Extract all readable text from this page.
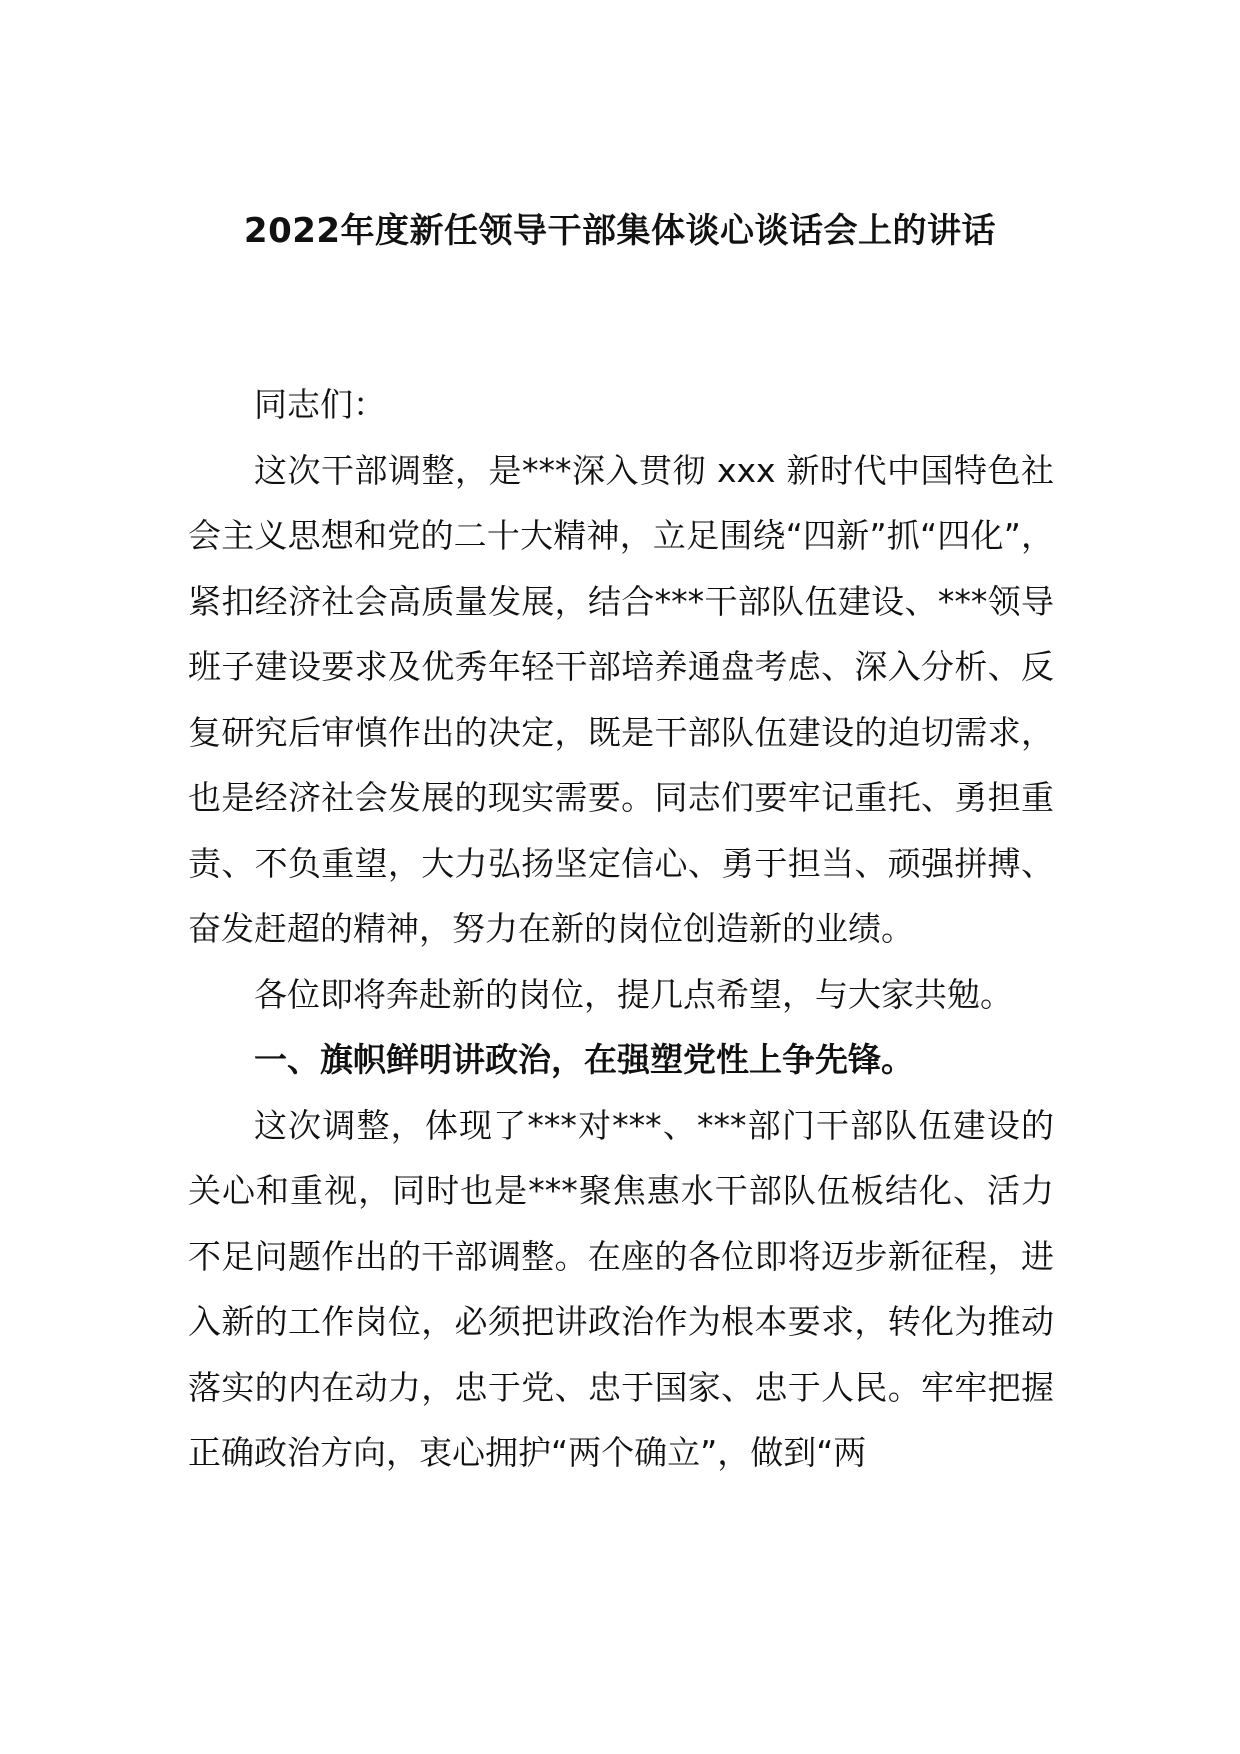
2022年度新任领导干部集体谈心谈话会上的讲话

同志们：

这次干部调整，是***深入贯彻 xxx 新时代中国特色社会主义思想和党的二十大精神，立足围绕“四新”抓“四化”，紧扣经济社会高质量发展，结合***干部队伍建设、***领导班子建设要求及优秀年轻干部培养通盘考虑、深入分析、反复研究后审慎作出的决定，既是干部队伍建设的迫切需求，也是经济社会发展的现实需要。同志们要牢记重托、勇担重责、不负重望，大力弘扬坚定信心、勇于担当、顽强拼搏、奋发赶超的精神，努力在新的岗位创造新的业绩。

各位即将奔赴新的岗位，提几点希望，与大家共勉。

一、旗帜鲜明讲政治，在强塑党性上争先锋。

这次调整，体现了***对***、***部门干部队伍建设的关心和重视，同时也是***聚焦惠水干部队伍板结化、活力不足问题作出的干部调整。在座的各位即将迈步新征程，进入新的工作岗位，必须把讲政治作为根本要求，转化为推动落实的内在动力，忠于党、忠于国家、忠于人民。牢牢把握正确政治方向，衷心拥护“两个确立”，做到“两
